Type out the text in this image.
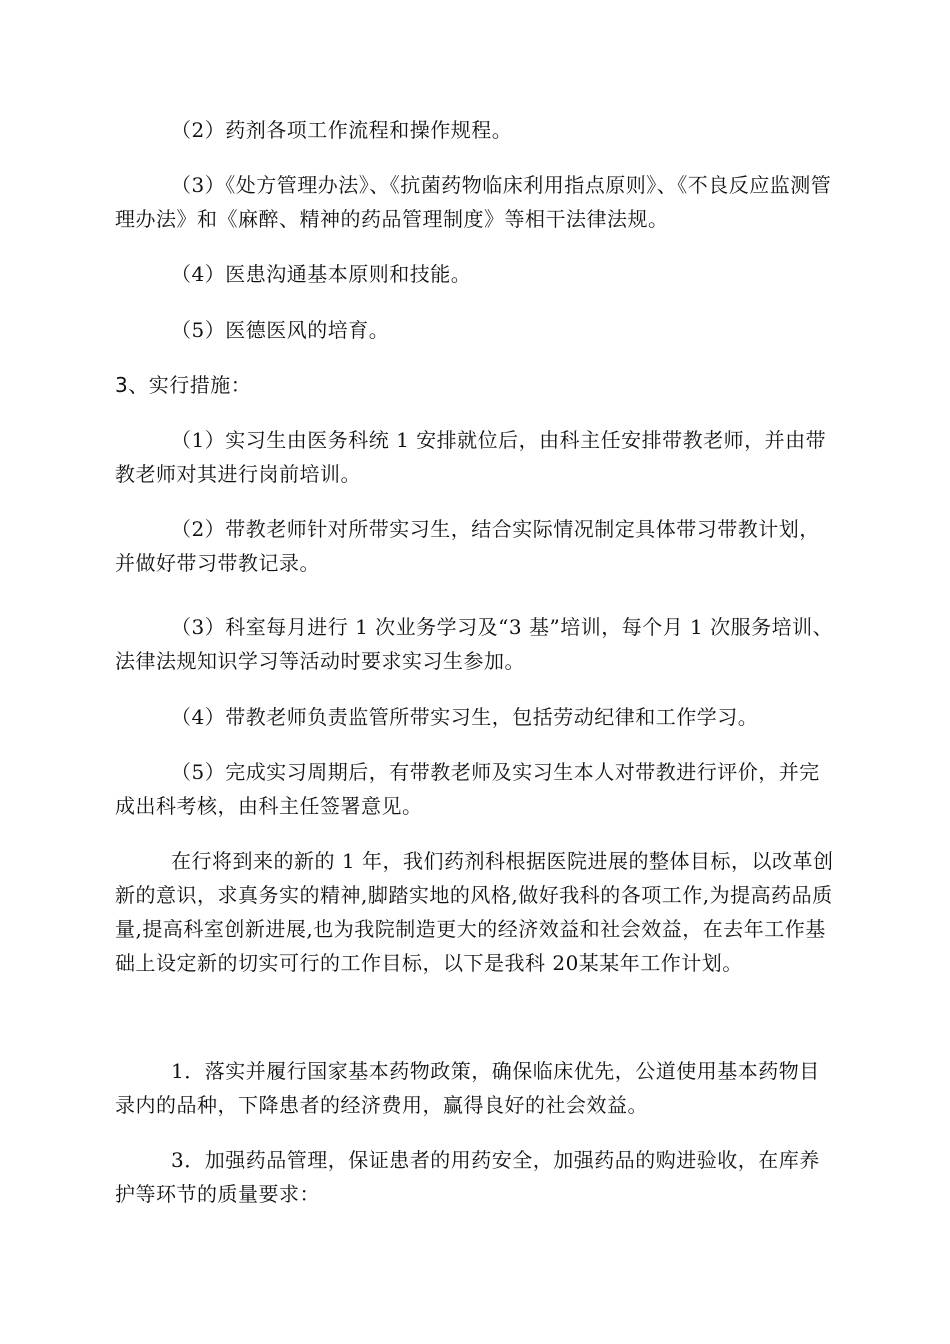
（2）药剂各项工作流程和操作规程。

（3）《处方管理办法》、《抗菌药物临床利用指点原则》、《不良反应监测管理办法》和《麻醉、精神的药品管理制度》等相干法律法规。

（4）医患沟通基本原则和技能。

（5）医德医风的培育。

3、实行措施：

（1）实习生由医务科统 1 安排就位后，由科主任安排带教老师，并由带教老师对其进行岗前培训。

（2）带教老师针对所带实习生，结合实际情况制定具体带习带教计划，并做好带习带教记录。

（3）科室每月进行 1 次业务学习及“3 基”培训，每个月 1 次服务培训、法律法规知识学习等活动时要求实习生参加。

（4）带教老师负责监管所带实习生，包括劳动纪律和工作学习。

（5）完成实习周期后，有带教老师及实习生本人对带教进行评价，并完成出科考核，由科主任签署意见。

在行将到来的新的 1 年，我们药剂科根据医院进展的整体目标，以改革创新的意识，求真务实的精神,脚踏实地的风格,做好我科的各项工作,为提高药品质量,提高科室创新进展,也为我院制造更大的经济效益和社会效益，在去年工作基础上设定新的切实可行的工作目标，以下是我科 20某某年工作计划。

1．落实并履行国家基本药物政策，确保临床优先，公道使用基本药物目录内的品种，下降患者的经济费用，赢得良好的社会效益。

3．加强药品管理，保证患者的用药安全，加强药品的购进验收，在库养护等环节的质量要求：
